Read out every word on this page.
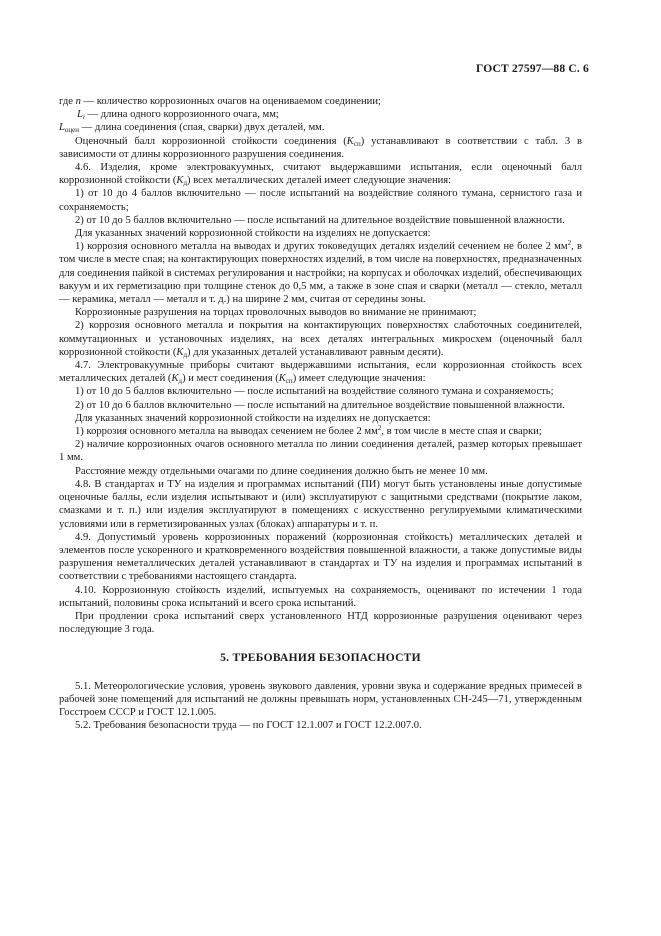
ГОСТ 27597—88 С. 6

где n — количество коррозионных очагов на оцениваемом соединении;

$L_i$ — длина одного коррозионного очага, мм;

$L_{оцен}$ — длина соединения (спая, сварки) двух деталей, мм.

Оценочный балл коррозионной стойкости соединения $(K_{сп})$ устанавливают в соответствии с табл. 3 в зависимости от длины коррозионного разрушения соединения.

4.6. Изделия, кроме электровакуумных, считают выдержавшими испытания, если оценочный балл коррозионной стойкости $(K_д)$ всех металлических деталей имеет следующие значения:

1) от 10 до 4 баллов включительно — после испытаний на воздействие соляного тумана, сернистого газа и сохраняемость;

2) от 10 до 5 баллов включительно — после испытаний на длительное воздействие повышенной влажности.

Для указанных значений коррозионной стойкости на изделиях не допускается:

1) коррозия основного металла на выводах и других токоведущих деталях изделий сечением не более 2 $мм^2$, в том числе в месте спая; на контактирующих поверхностях изделий, в том числе на поверхностях, предназначенных для соединения пайкой в системах регулирования и настройки; на корпусах и оболочках изделий, обеспечивающих вакуум и их герметизацию при толщине стенок до 0,5 мм, а также в зоне спая и сварки (металл — стекло, металл — керамика, металл — металл и т. д.) на ширине 2 мм, считая от середины зоны.

Коррозионные разрушения на торцах проволочных выводов во внимание не принимают;

2) коррозия основного металла и покрытия на контактирующих поверхностях слаботочных соединителей, коммутационных и установочных изделиях, на всех деталях интегральных микросхем (оценочный балл коррозионной стойкости $(K_д)$ для указанных деталей устанавливают равным десяти).

4.7. Электровакуумные приборы считают выдержавшими испытания, если коррозионная стойкость всех металлических деталей $(K_д)$ и мест соединения $(K_{сп})$ имеет следующие значения:

1) от 10 до 5 баллов включительно — после испытаний на воздействие соляного тумана и сохраняемость;

2) от 10 до 6 баллов включительно — после испытаний на длительное воздействие повышенной влажности.

Для указанных значений коррозионной стойкости на изделиях не допускается:

1) коррозия основного металла на выводах сечением не более 2 $мм^2$, в том числе в месте спая и сварки;

2) наличие коррозионных очагов основного металла по линии соединения деталей, размер которых превышает 1 мм.

Расстояние между отдельными очагами по длине соединения должно быть не менее 10 мм.

4.8. В стандартах и ТУ на изделия и программах испытаний (ПИ) могут быть установлены иные допустимые оценочные баллы, если изделия испытывают и (или) эксплуатируют с защитными средствами (покрытие лаком, смазками и т. п.) или изделия эксплуатируют в помещениях с искусственно регулируемыми климатическими условиями или в герметизированных узлах (блоках) аппаратуры и т. п.

4.9. Допустимый уровень коррозионных поражений (коррозионная стойкость) металлических деталей и элементов после ускоренного и кратковременного воздействия повышенной влажности, а также допустимые виды разрушения неметаллических деталей устанавливают в стандартах и ТУ на изделия и программах испытаний в соответствии с требованиями настоящего стандарта.

4.10. Коррозионную стойкость изделий, испытуемых на сохраняемость, оценивают по истечении 1 года испытаний, половины срока испытаний и всего срока испытаний.

При продлении срока испытаний сверх установленного НТД коррозионные разрушения оценивают через последующие 3 года.

5. ТРЕБОВАНИЯ БЕЗОПАСНОСТИ

5.1. Метеорологические условия, уровень звукового давления, уровни звука и содержание вредных примесей в рабочей зоне помещений для испытаний не должны превышать норм, установленных СН-245—71, утвержденным Госстроем СССР и ГОСТ 12.1.005.

5.2. Требования безопасности труда — по ГОСТ 12.1.007 и ГОСТ 12.2.007.0.
